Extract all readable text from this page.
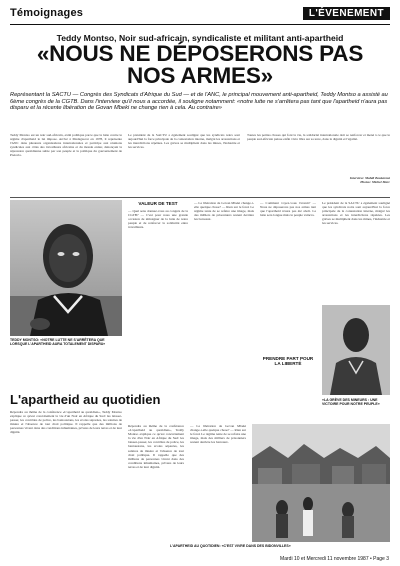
Témoignages	L'ÉVENEMENT
Teddy Montso, Noir sud-africain, syndicaliste et militant anti-apartheid
«NOUS NE DÉPOSERONS PAS NOS ARMES»
Représentant la SACTU — Congrès des Syndicats d'Afrique du Sud — et de l'ANC, le principal mouvement anti-apartheid, Teddy Montso a assisté au 6ème congrès de la CGTB. Dans l'interview qu'il nous a accordée, il souligne notamment: «notre lutte ne s'arrêtera pas tant que l'apartheid n'aura pas disparu et la récente libération de Govan Mbeki ne change rien à cela. Au contraire»
Teddy Montso est un noir sud-africain, exilé politique parce que la lutte contre le régime d'apartheid le lui impose. Arrivé à Madagascar en 1978, il représente l'ANC dans plusieurs organisations internationales et participe aux réunions syndicales aux côtés des travailleurs africains et du monde entier, dénonçant la répression quotidienne subie par son peuple et la politique du gouvernement de Pretoria.
Le président de la SACTU a également souligné que les syndicats noirs sont aujourd'hui la force principale de la contestation interne, malgré les arrestations et les interdictions répétées. Les grèves se multiplient dans les mines, l'industrie et les services.
Toutes les petites choses qui font la vie, la solidarité internationale doit se renforcer et mené à ce que le peuple sud-africain puisse enfin vivre libre sur sa terre, dans la dignité et l'égalité.
Interview: Mahdi Boukeroui
Photos: Michel Marc
TEDDY MONTSO: «NOTRE LUTTE NE S'ARRÊTERA QUE LORSQUE L'APARTHEID AURA TOTALEMENT DISPARU»
VALEUR DE TEST
— Quel sens donnez-vous au congrès de la CGTB? — C'est pour nous une grande occasion de témoigner de la lutte de notre peuple et de renforcer la solidarité entre travailleurs.
— La libération de Govan Mbeki change-t-elle quelque chose? — Rien sur le fond. Le régime tente de se refaire une image, mais des milliers de prisonniers restent derrière les barreaux.
PRENDRE PART POUR LA LIBERTÉ
— Comment voyez-vous l'avenir? — Nous ne déposerons pas nos armes tant que l'apartheid n'aura pas été aboli. La lutte sera longue mais le peuple vaincra.
Le président de la SACTU a également souligné que les syndicats noirs sont aujourd'hui la force principale de la contestation interne, malgré les arrestations et les interdictions répétées. Les grèves se multiplient dans les mines, l'industrie et les services.
«LA GRÈVE DES MINEURS : UNE VICTOIRE POUR NOTRE PEUPLE»
L'apartheid au quotidien
Répondre au théme de la conférence «L'apartheid au quotidien», Teddy Montso explique ce qu'est concrètement la vie d'un Noir en Afrique du Sud: les laissez-passer, les contrôles de police, les bantoustans, les écoles séparées, les salaires de misère et l'absence de tout droit politique. Il rappelle que des millions de personnes vivent dans des conditions inhumaines, privées de leurs terres et de leur dignité.
Répondre au théme de la conférence «L'apartheid au quotidien», Teddy Montso explique ce qu'est concrètement la vie d'un Noir en Afrique du Sud: les laissez-passer, les contrôles de police, les bantoustans, les écoles séparées, les salaires de misère et l'absence de tout droit politique. Il rappelle que des millions de personnes vivent dans des conditions inhumaines, privées de leurs terres et de leur dignité.
— La libération de Govan Mbeki change-t-elle quelque chose? — Rien sur le fond. Le régime tente de se refaire une image, mais des milliers de prisonniers restent derrière les barreaux.
L'APARTHEID AU QUOTIDIEN: «C'EST VIVRE DANS DES BIDONVILLES»
Mardi 10 et Mercredi 11 novembre 1987 • Page 3
